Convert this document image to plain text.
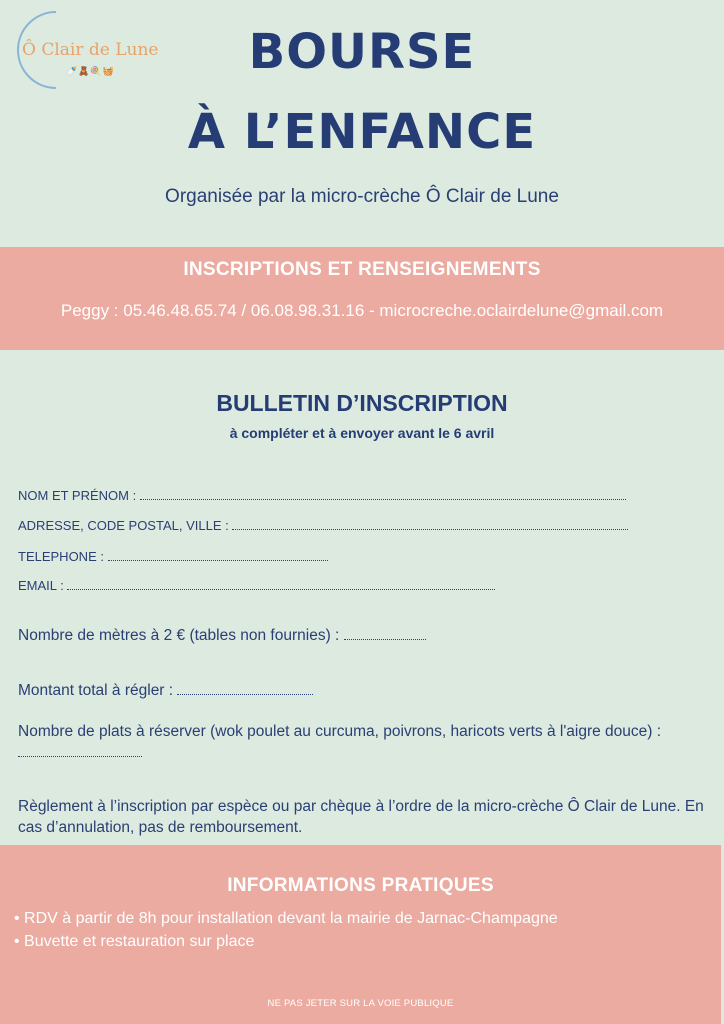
Ô Clair de Lune
🍼🧸🍭🧺	BOURSE
À L’ENFANCE
Organisée par la micro-crèche Ô Clair de Lune
INSCRIPTIONS ET RENSEIGNEMENTS
Peggy : 05.46.48.65.74 / 06.08.98.31.16 - microcreche.oclairdelune@gmail.com
BULLETIN D’INSCRIPTION
à compléter et à envoyer avant le 6 avril
NOM ET PRÉNOM :
ADRESSE, CODE POSTAL, VILLE :
TELEPHONE :
EMAIL :
Nombre de mètres à 2 € (tables non fournies) :
Montant total à régler :
Nombre de plats à réserver (wok poulet au curcuma, poivrons, haricots verts à l'aigre douce) :
Règlement à l’inscription par espèce ou par chèque à l’ordre de la micro-crèche Ô Clair de Lune. En cas d’annulation, pas de remboursement.
INFORMATIONS PRATIQUES
• RDV à partir de 8h pour installation devant la mairie de Jarnac-Champagne
• Buvette et restauration sur place
NE PAS JETER SUR LA VOIE PUBLIQUE
